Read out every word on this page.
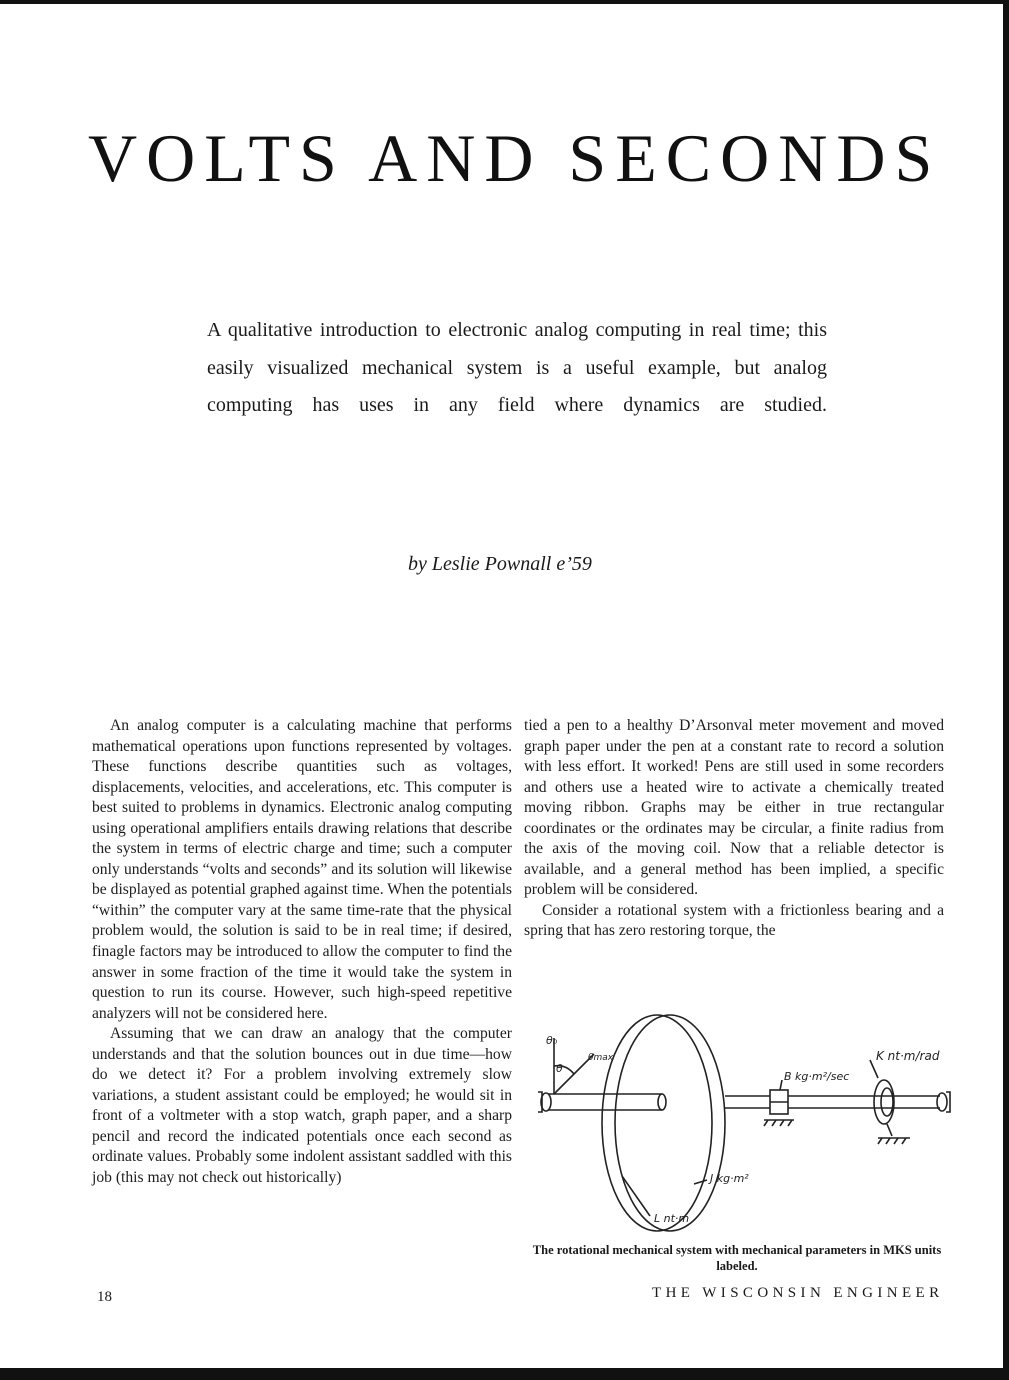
VOLTS AND SECONDS

A qualitative introduction to electronic analog computing in real time; this easily visualized mechanical system is a useful example, but analog computing has uses in any field where dynamics are studied.

by Leslie Pownall e’59

An analog computer is a calculating machine that performs mathematical operations upon functions represented by voltages. These functions describe quantities such as voltages, displacements, velocities, and accelerations, etc. This computer is best suited to problems in dynamics. Electronic analog computing using operational amplifiers entails drawing relations that describe the system in terms of electric charge and time; such a computer only understands “volts and seconds” and its solution will likewise be displayed as potential graphed against time. When the potentials “within” the computer vary at the same time-rate that the physical problem would, the solution is said to be in real time; if desired, finagle factors may be introduced to allow the computer to find the answer in some fraction of the time it would take the system in question to run its course. However, such high-speed repetitive analyzers will not be considered here.

Assuming that we can draw an analogy that the computer understands and that the solution bounces out in due time—how do we detect it? For a problem involving extremely slow variations, a student assistant could be employed; he would sit in front of a voltmeter with a stop watch, graph paper, and a sharp pencil and record the indicated potentials once each second as ordinate values. Probably some indolent assistant saddled with this job (this may not check out historically)

tied a pen to a healthy D’Arsonval meter movement and moved graph paper under the pen at a constant rate to record a solution with less effort. It worked! Pens are still used in some recorders and others use a heated wire to activate a chemically treated moving ribbon. Graphs may be either in true rectangular coordinates or the ordinates may be circular, a finite radius from the axis of the moving coil. Now that a reliable detector is available, and a general method has been implied, a specific problem will be considered.

Consider a rotational system with a frictionless bearing and a spring that has zero restoring torque, the

θ₀
θ
θmax
B kg·m²/sec
K nt·m/rad
J kg·m²
L nt·m

The rotational mechanical system with mechanical parameters in MKS units labeled.

18	THE WISCONSIN ENGINEER
